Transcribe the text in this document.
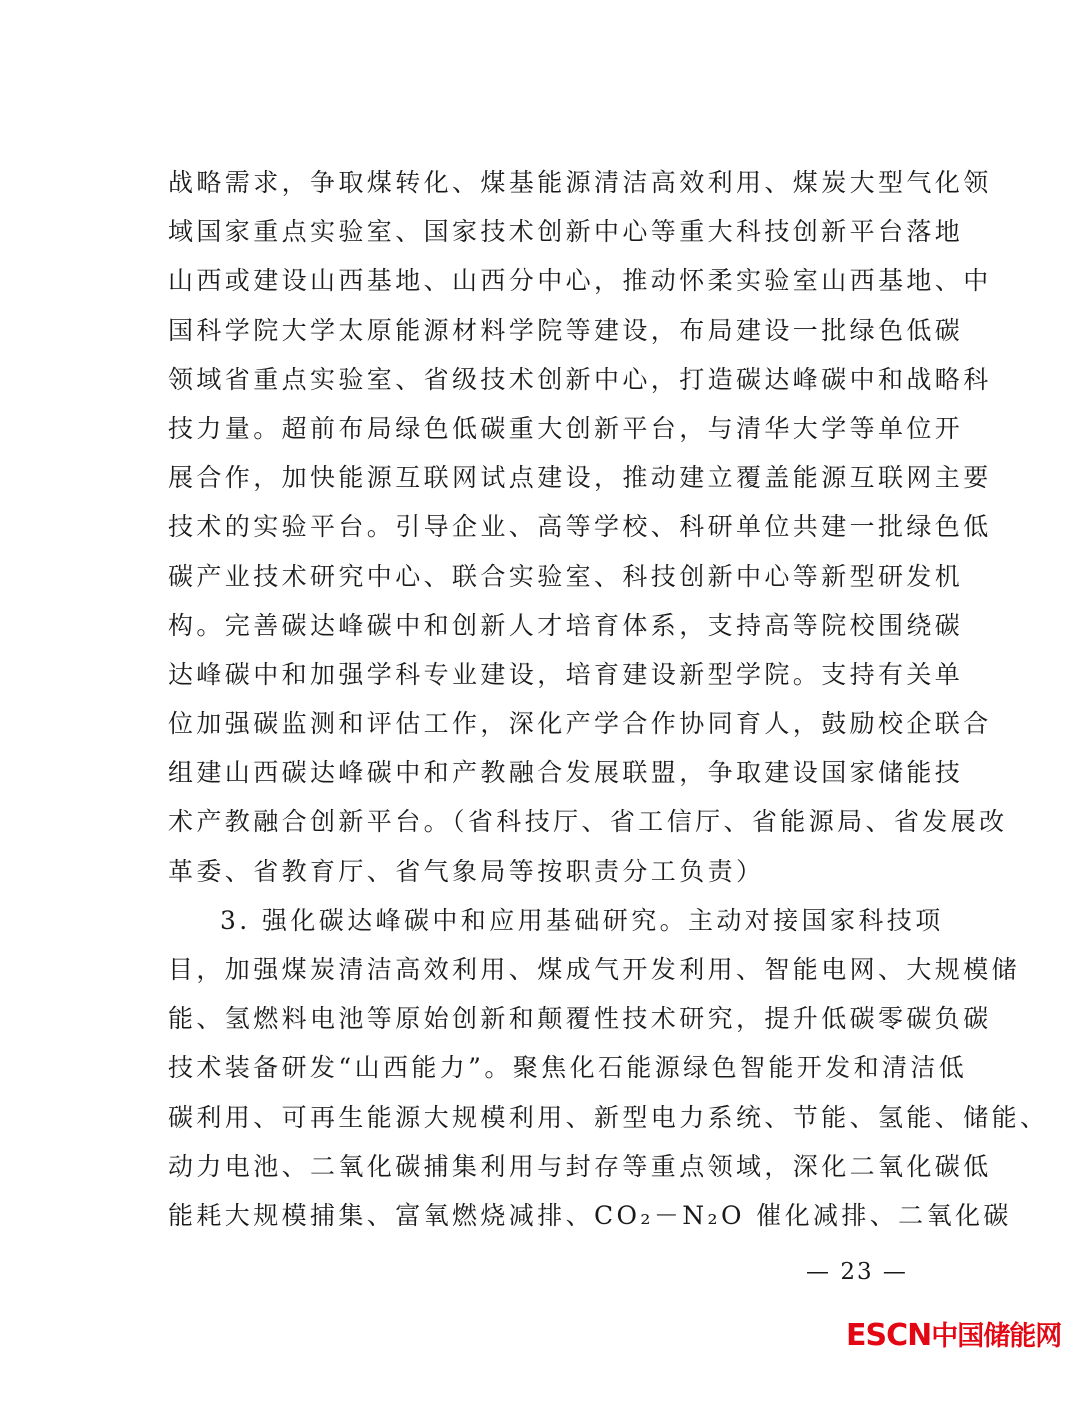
战略需求，争取煤转化、煤基能源清洁高效利用、煤炭大型气化领
域国家重点实验室、国家技术创新中心等重大科技创新平台落地
山西或建设山西基地、山西分中心，推动怀柔实验室山西基地、中
国科学院大学太原能源材料学院等建设，布局建设一批绿色低碳
领域省重点实验室、省级技术创新中心，打造碳达峰碳中和战略科
技力量。超前布局绿色低碳重大创新平台，与清华大学等单位开
展合作，加快能源互联网试点建设，推动建立覆盖能源互联网主要
技术的实验平台。引导企业、高等学校、科研单位共建一批绿色低
碳产业技术研究中心、联合实验室、科技创新中心等新型研发机
构。完善碳达峰碳中和创新人才培育体系，支持高等院校围绕碳
达峰碳中和加强学科专业建设，培育建设新型学院。支持有关单
位加强碳监测和评估工作，深化产学合作协同育人，鼓励校企联合
组建山西碳达峰碳中和产教融合发展联盟，争取建设国家储能技
术产教融合创新平台。（省科技厅、省工信厅、省能源局、省发展改
革委、省教育厅、省气象局等按职责分工负责）
3. 强化碳达峰碳中和应用基础研究。主动对接国家科技项
目，加强煤炭清洁高效利用、煤成气开发利用、智能电网、大规模储
能、氢燃料电池等原始创新和颠覆性技术研究，提升低碳零碳负碳
技术装备研发“山西能力”。聚焦化石能源绿色智能开发和清洁低
碳利用、可再生能源大规模利用、新型电力系统、节能、氢能、储能、
动力电池、二氧化碳捕集利用与封存等重点领域，深化二氧化碳低
能耗大规模捕集、富氧燃烧减排、CO₂－N₂O 催化减排、二氧化碳
— 23 —
ESCN中国储能网
